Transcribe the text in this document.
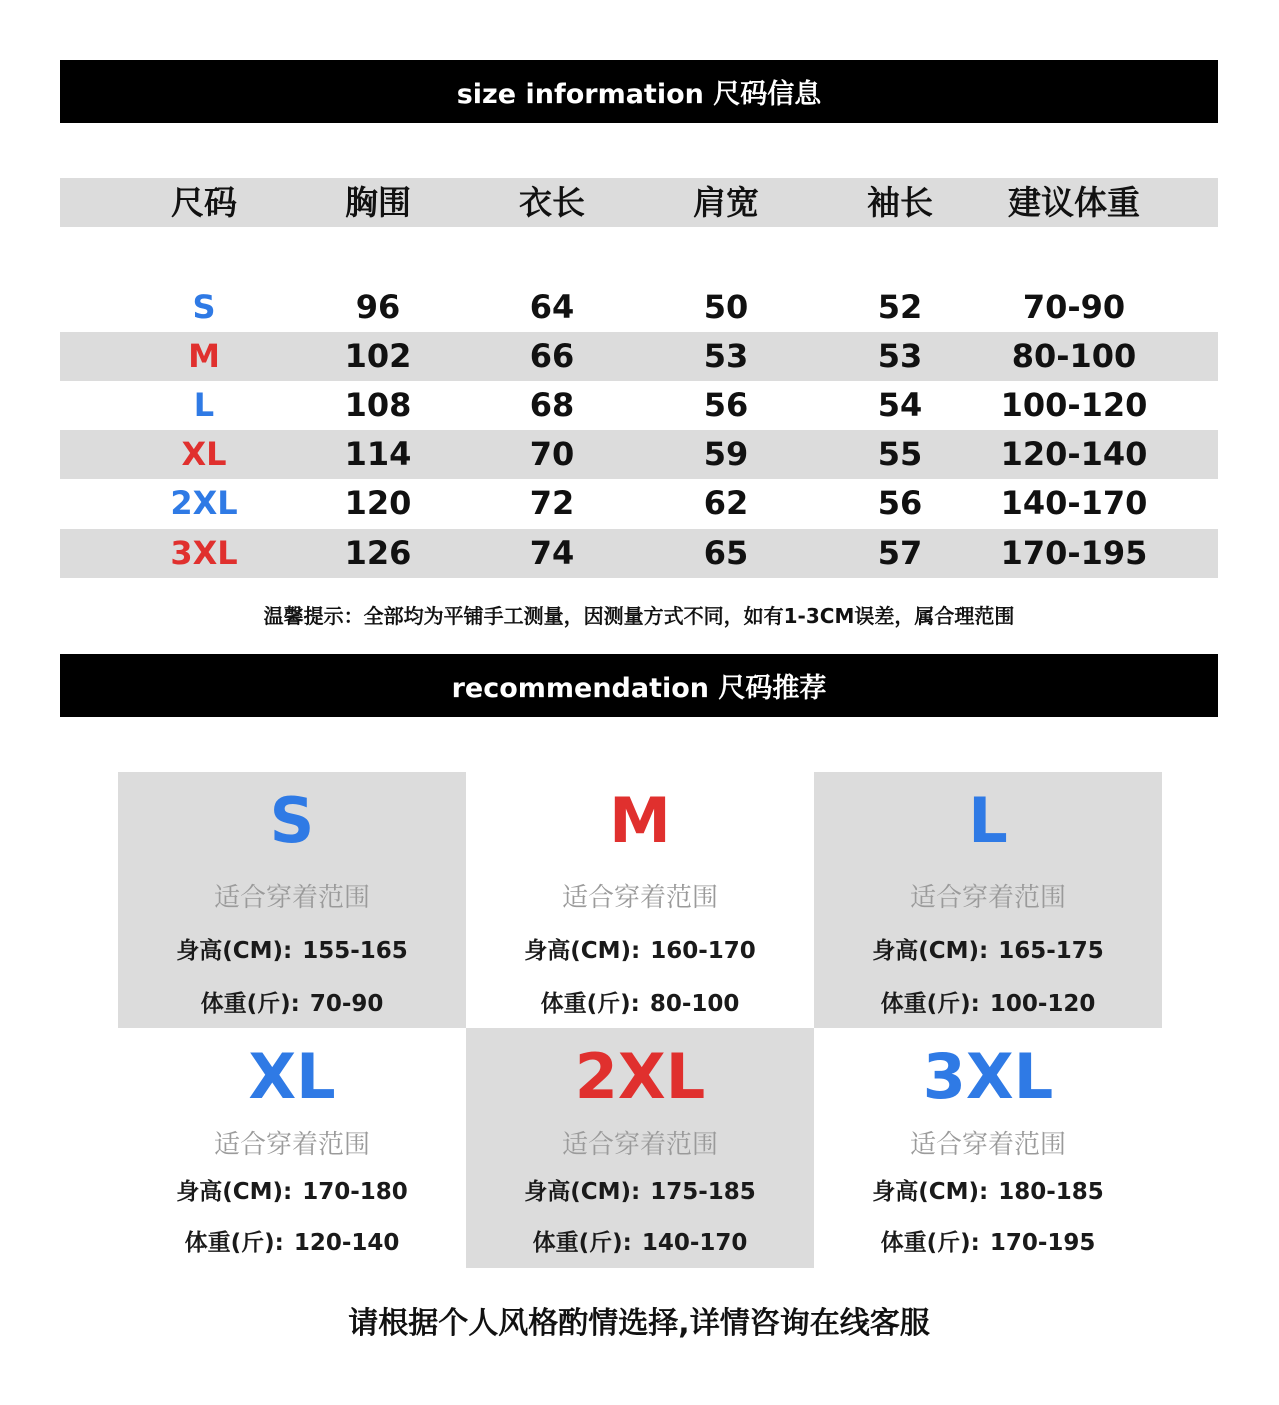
size information 尺码信息
尺码	胸围	衣长	肩宽	袖长	建议体重
S	96	64	50	52	70-90
M	102	66	53	53	80-100
L	108	68	56	54	100-120
XL	114	70	59	55	120-140
2XL	120	72	62	56	140-170
3XL	126	74	65	57	170-195
温馨提示：全部均为平铺手工测量，因测量方式不同，如有1-3CM误差，属合理范围
recommendation 尺码推荐
S
适合穿着范围
身高(CM): 155-165
体重(斤): 70-90
M
适合穿着范围
身高(CM): 160-170
体重(斤): 80-100
L
适合穿着范围
身高(CM): 165-175
体重(斤): 100-120
XL
适合穿着范围
身高(CM): 170-180
体重(斤): 120-140
2XL
适合穿着范围
身高(CM): 175-185
体重(斤): 140-170
3XL
适合穿着范围
身高(CM): 180-185
体重(斤): 170-195
请根据个人风格酌情选择,详情咨询在线客服
